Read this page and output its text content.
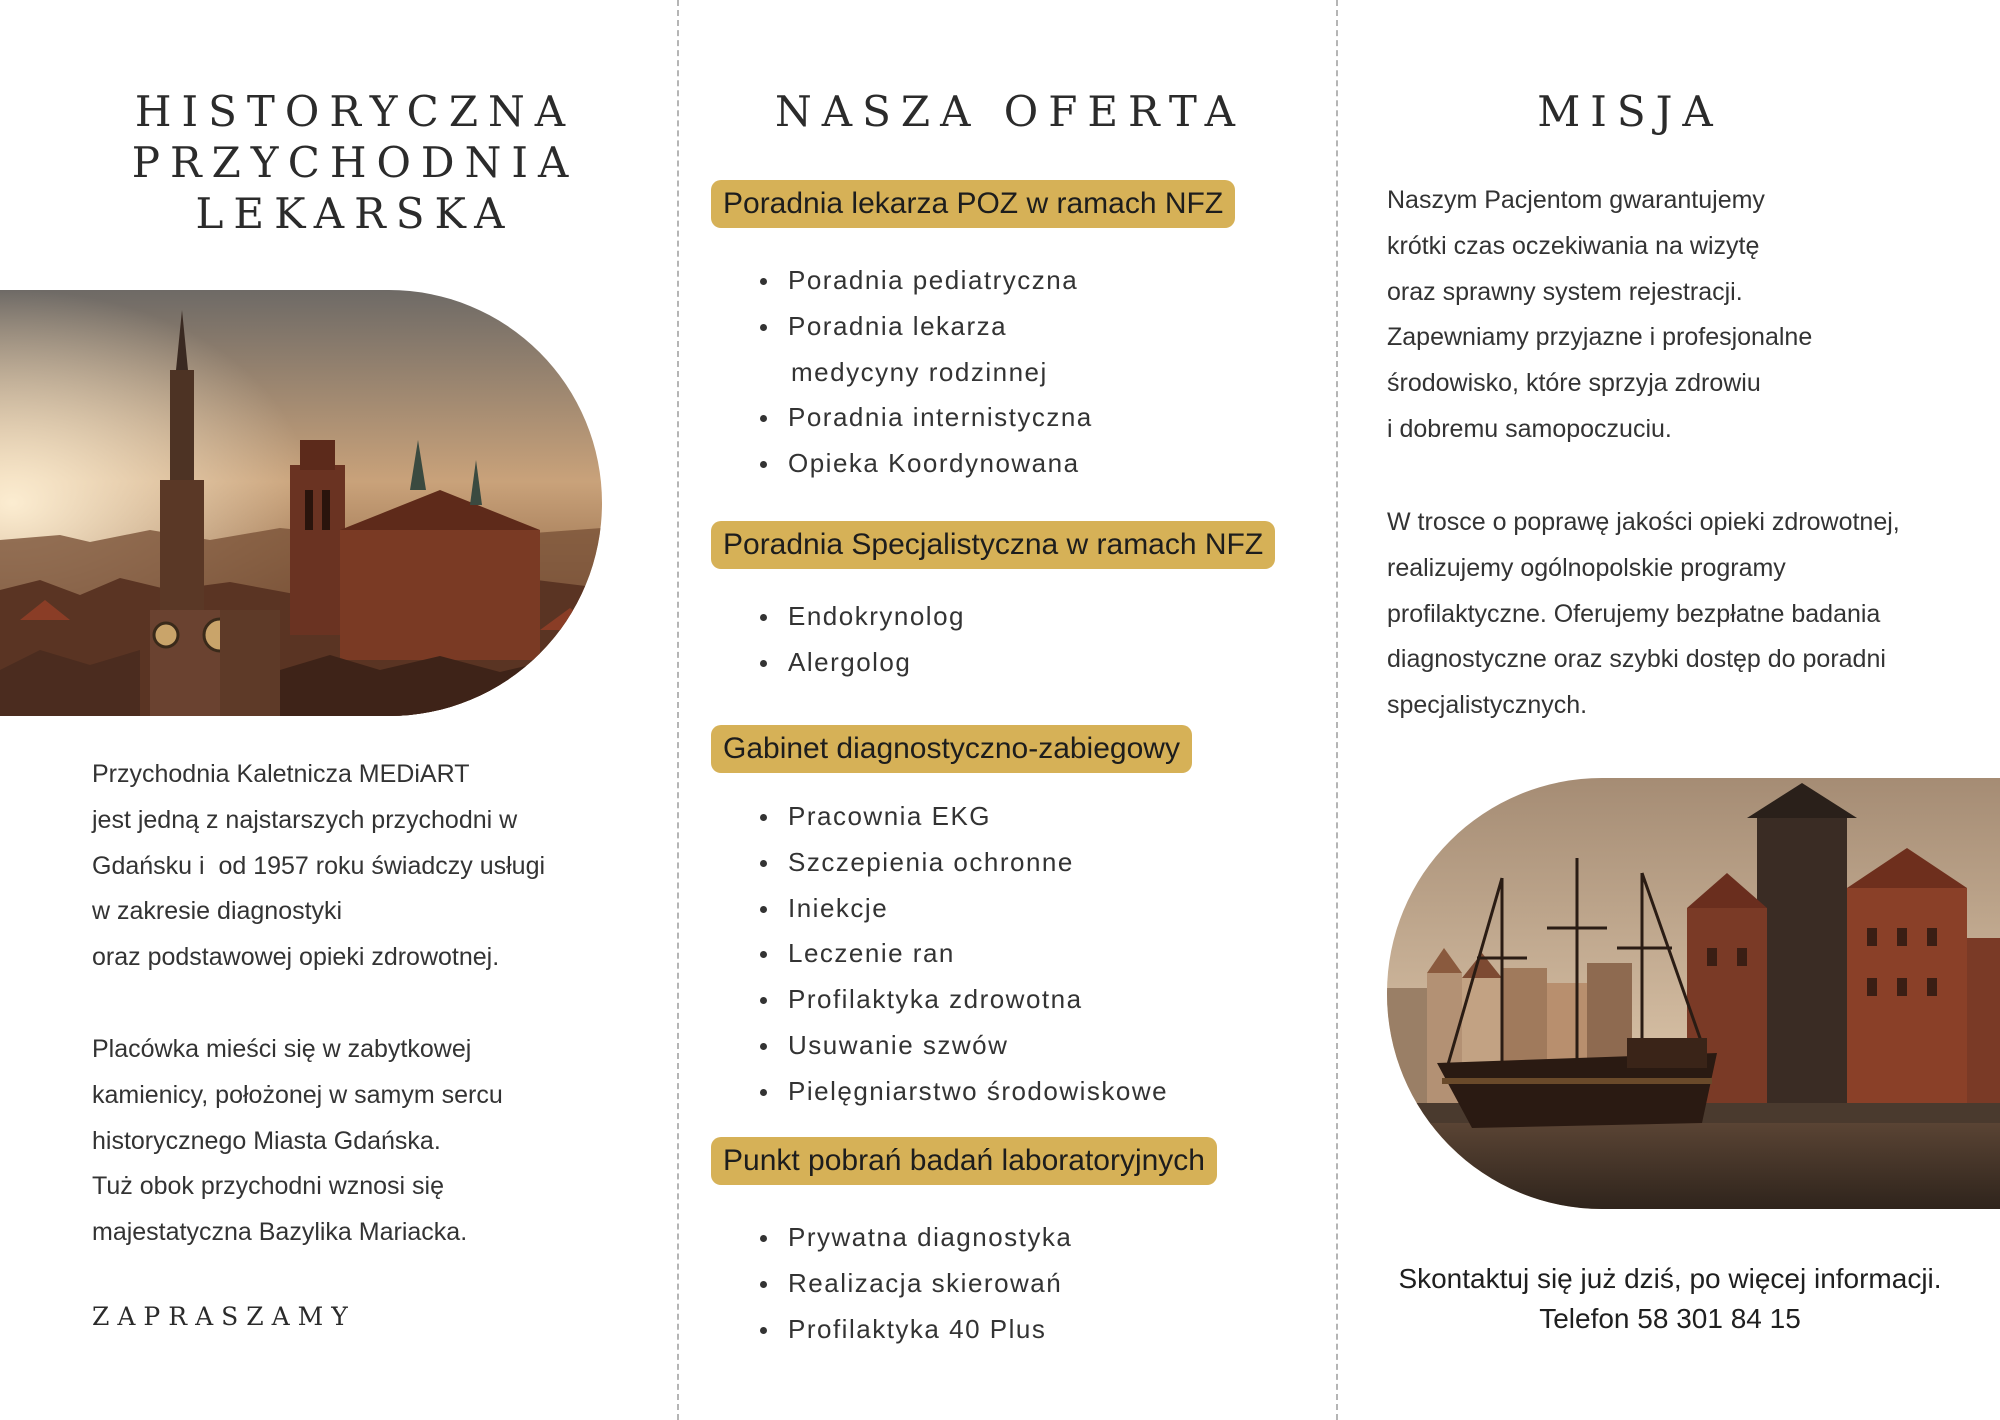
HISTORYCZNA
PRZYCHODNIA
LEKARSKA
Przychodnia Kaletnicza MEDiART
jest jedną z najstarszych przychodni w
Gdańsku i  od 1957 roku świadczy usługi
w zakresie diagnostyki
oraz podstawowej opieki zdrowotnej.
Placówka mieści się w zabytkowej
kamienicy, położonej w samym sercu
historycznego Miasta Gdańska.
Tuż obok przychodni wznosi się
majestatyczna Bazylika Mariacka.
ZAPRASZAMY
NASZA OFERTA
Poradnia lekarza POZ w ramach NFZ
Poradnia pediatryczna
Poradnia lekarza
medycyny rodzinnej
Poradnia internistyczna
Opieka Koordynowana
Poradnia Specjalistyczna w ramach NFZ
Endokrynolog
Alergolog
Gabinet diagnostyczno-zabiegowy
Pracownia EKG
Szczepienia ochronne
Iniekcje
Leczenie ran
Profilaktyka zdrowotna
Usuwanie szwów
Pielęgniarstwo środowiskowe
Punkt pobrań badań laboratoryjnych
Prywatna diagnostyka
Realizacja skierowań
Profilaktyka 40 Plus
MISJA
Naszym Pacjentom gwarantujemy
krótki czas oczekiwania na wizytę
oraz sprawny system rejestracji.
Zapewniamy przyjazne i profesjonalne
środowisko, które sprzyja zdrowiu
i dobremu samopoczuciu.
W trosce o poprawę jakości opieki zdrowotnej,
realizujemy ogólnopolskie programy
profilaktyczne. Oferujemy bezpłatne badania
diagnostyczne oraz szybki dostęp do poradni
specjalistycznych.
Skontaktuj się już dziś, po więcej informacji.
Telefon 58 301 84 15
